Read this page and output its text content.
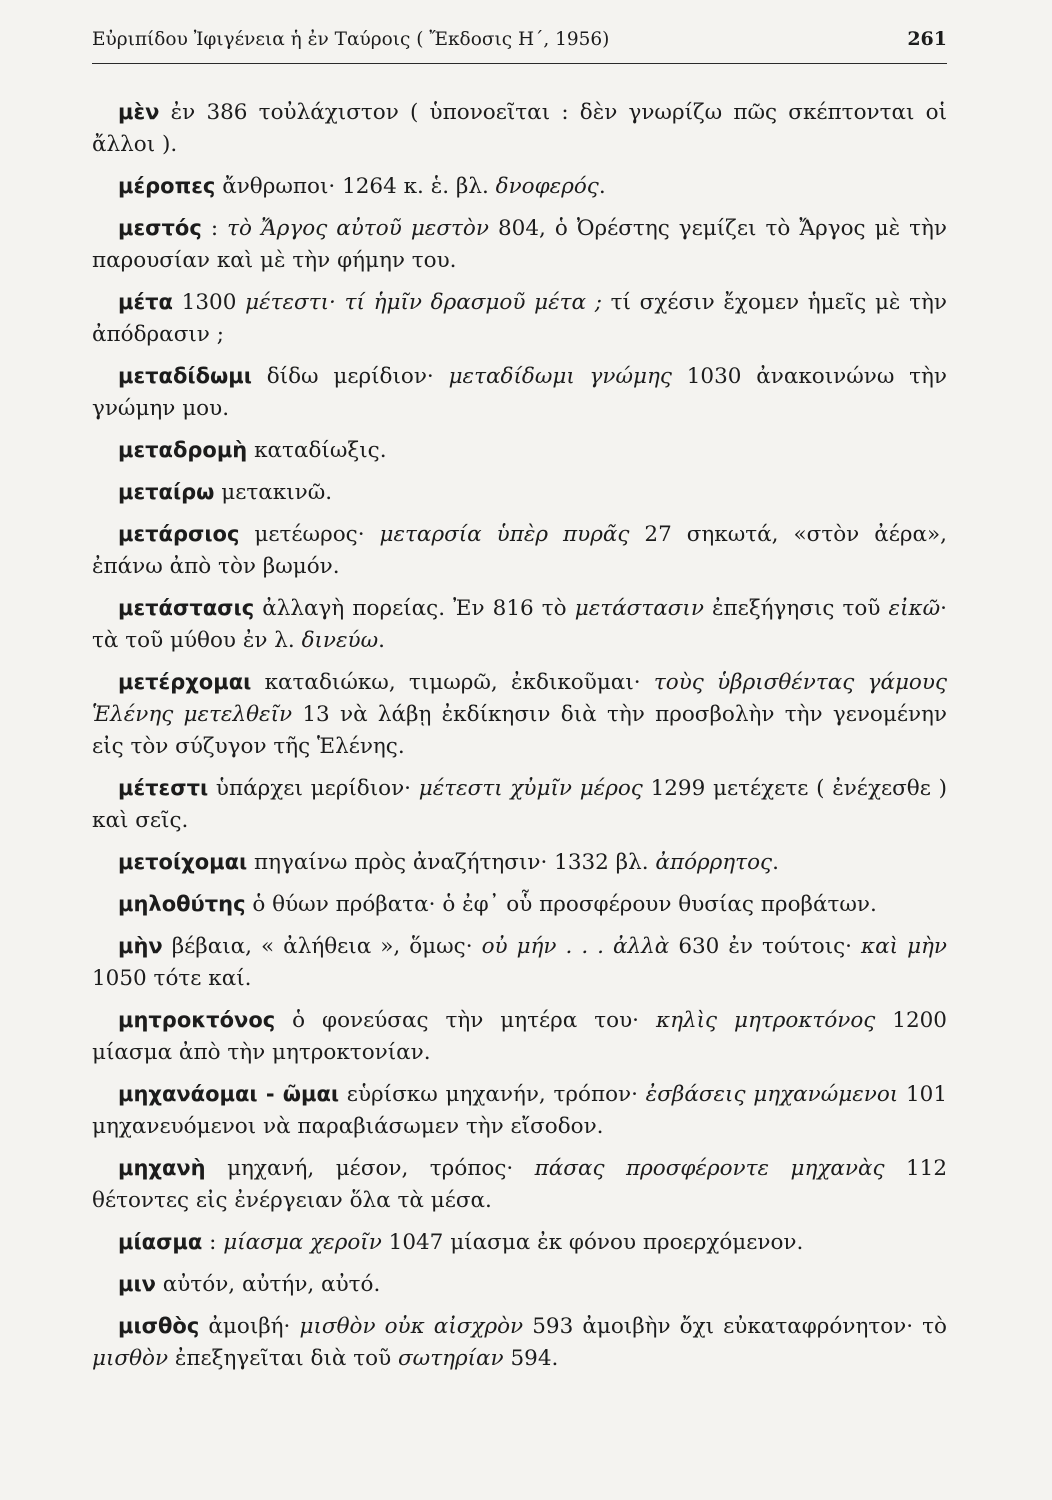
Εὐριπίδου Ἰφιγένεια ἡ ἐν Ταύροις ( Ἔκδοσις Η΄, 1956)	261

μὲν ἐν 386 τοὐλάχιστον ( ὑπονοεῖται : δὲν γνωρίζω πῶς σκέπτονται οἱ ἄλλοι ).

μέροπες ἄνθρωποι· 1264 κ. ἑ. βλ. δνοφερός.

μεστός : τὸ Ἄργος αὐτοῦ μεστὸν 804, ὁ Ὀρέστης γεμίζει τὸ Ἄργος μὲ τὴν παρουσίαν καὶ μὲ τὴν φήμην του.

μέτα 1300 μέτεστι· τί ἡμῖν δρασμοῦ μέτα ; τί σχέσιν ἔχομεν ἡμεῖς μὲ τὴν ἀπόδρασιν ;

μεταδίδωμι δίδω μερίδιον· μεταδίδωμι γνώμης 1030 ἀνακοινώνω τὴν γνώμην μου.

μεταδρομὴ καταδίωξις.

μεταίρω μετακινῶ.

μετάρσιος μετέωρος· μεταρσία ὑπὲρ πυρᾶς 27 σηκωτά, «στὸν ἀέρα», ἐπάνω ἀπὸ τὸν βωμόν.

μετάστασις ἀλλαγὴ πορείας. Ἐν 816 τὸ μετάστασιν ἐπεξήγησις τοῦ εἰκῶ· τὰ τοῦ μύθου ἐν λ. δινεύω.

μετέρχομαι καταδιώκω, τιμωρῶ, ἐκδικοῦμαι· τοὺς ὑβρισθέντας γάμους Ἑλένης μετελθεῖν 13 νὰ λάβῃ ἐκδίκησιν διὰ τὴν προσβολὴν τὴν γενομένην εἰς τὸν σύζυγον τῆς Ἑλένης.

μέτεστι ὑπάρχει μερίδιον· μέτεστι χὐμῖν μέρος 1299 μετέχετε ( ἐνέχεσθε ) καὶ σεῖς.

μετοίχομαι πηγαίνω πρὸς ἀναζήτησιν· 1332 βλ. ἀπόρρητος.

μηλοθύτης ὁ θύων πρόβατα· ὁ ἐφ᾽ οὗ προσφέρουν θυσίας προβάτων.

μὴν βέβαια, « ἀλήθεια », ὅμως· οὐ μήν . . . ἀλλὰ 630 ἐν τούτοις· καὶ μὴν 1050 τότε καί.

μητροκτόνος ὁ φονεύσας τὴν μητέρα του· κηλὶς μητροκτόνος 1200 μίασμα ἀπὸ τὴν μητροκτονίαν.

μηχανάομαι - ῶμαι εὑρίσκω μηχανήν, τρόπον· ἐσβάσεις μηχανώμενοι 101 μηχανευόμενοι νὰ παραβιάσωμεν τὴν εἴσοδον.

μηχανὴ μηχανή, μέσον, τρόπος· πάσας προσφέροντε μηχανὰς 112 θέτοντες εἰς ἐνέργειαν ὅλα τὰ μέσα.

μίασμα : μίασμα χεροῖν 1047 μίασμα ἐκ φόνου προερχόμενον.

μιν αὐτόν, αὐτήν, αὐτό.

μισθὸς ἀμοιβή· μισθὸν οὐκ αἰσχρὸν 593 ἀμοιβὴν ὄχι εὐκαταφρόνητον· τὸ μισθὸν ἐπεξηγεῖται διὰ τοῦ σωτηρίαν 594.
